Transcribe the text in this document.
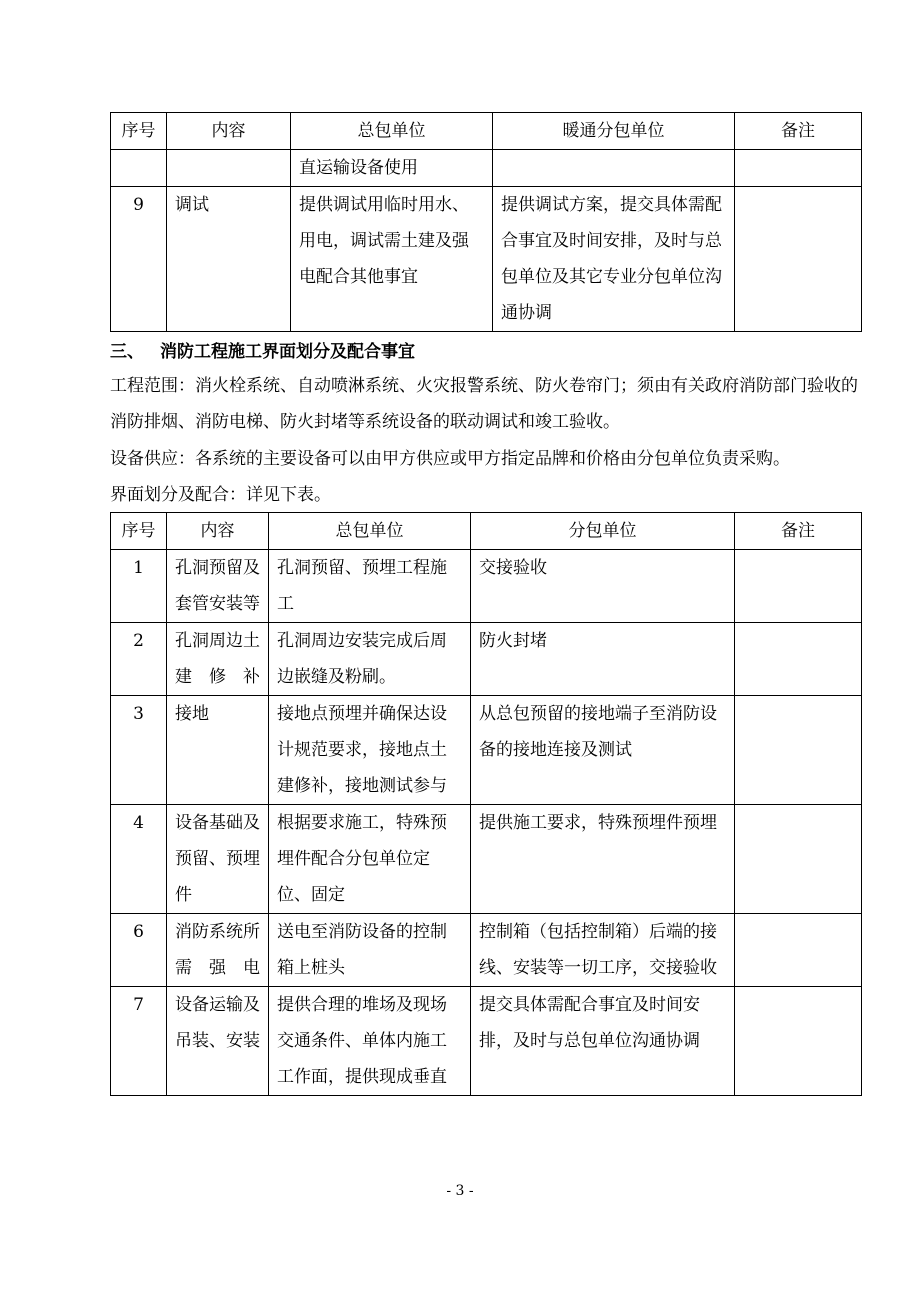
序号	内容	总包单位	暖通分包单位	备注
		直运输设备使用		
9	调试	提供调试用临时用水、用电，调试需土建及强电配合其他事宜	提供调试方案，提交具体需配合事宜及时间安排，及时与总包单位及其它专业分包单位沟通协调	
三、 消防工程施工界面划分及配合事宜
工程范围：消火栓系统、自动喷淋系统、火灾报警系统、防火卷帘门；须由有关政府消防部门验收的消防排烟、消防电梯、防火封堵等系统设备的联动调试和竣工验收。
设备供应：各系统的主要设备可以由甲方供应或甲方指定品牌和价格由分包单位负责采购。
界面划分及配合：详见下表。
序号	内容	总包单位	分包单位	备注
1	孔洞预留及套管安装等	孔洞预留、预埋工程施工	交接验收	
2	孔洞周边土建修补	孔洞周边安装完成后周边嵌缝及粉刷。	防火封堵	
3	接地	接地点预埋并确保达设计规范要求，接地点土建修补，接地测试参与	从总包预留的接地端子至消防设备的接地连接及测试	
4	设备基础及预留、预埋件	根据要求施工，特殊预埋件配合分包单位定位、固定	提供施工要求，特殊预埋件预埋	
6	消防系统所需强电	送电至消防设备的控制箱上桩头	控制箱（包括控制箱）后端的接线、安装等一切工序，交接验收	
7	设备运输及吊装、安装	提供合理的堆场及现场交通条件、单体内施工工作面，提供现成垂直	提交具体需配合事宜及时间安排，及时与总包单位沟通协调	
- 3 -
